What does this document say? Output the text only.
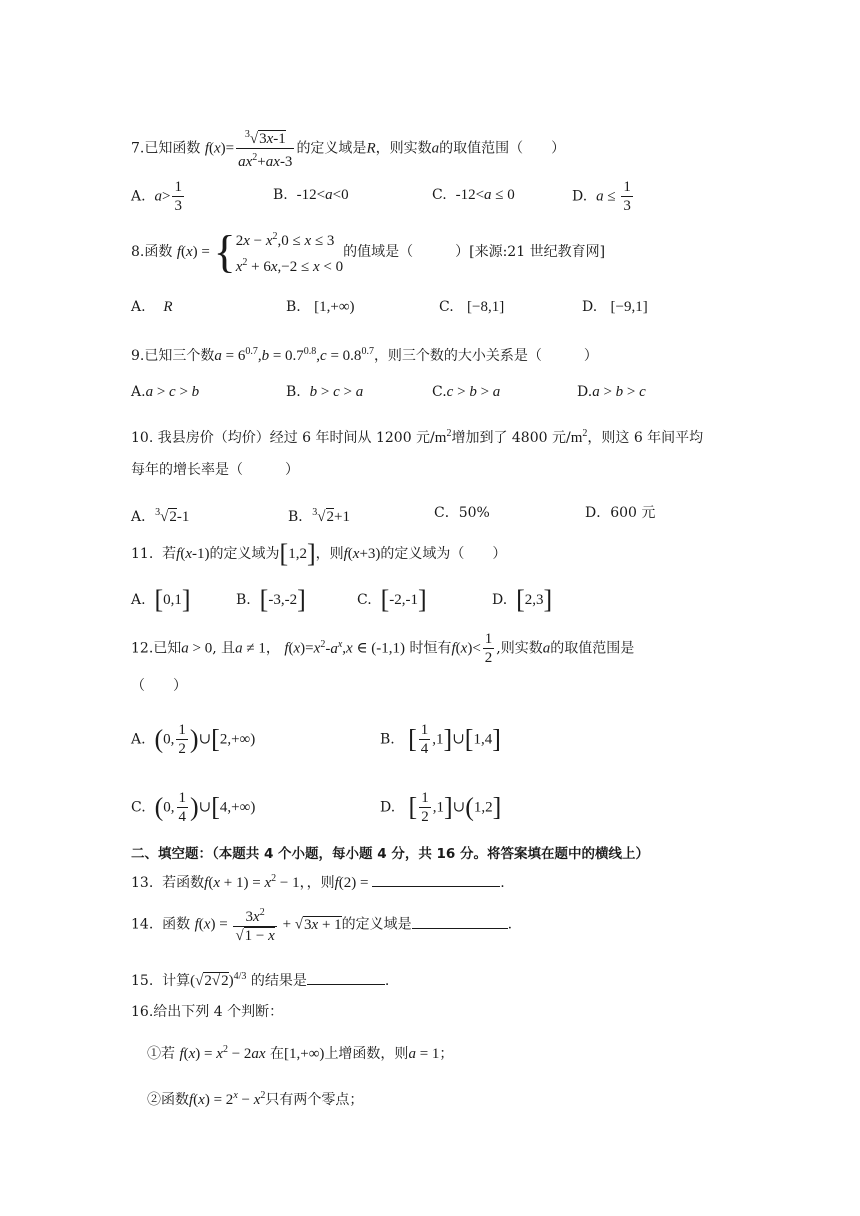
7.已知函数 $f(x)= \frac{^3√3x-1}{ax^2+ax-3}$ 的定义域是R，则实数a的取值范围（　　）
A. $a> \frac{1}{3}$	B. -12<a<0	C. -12<a ≤ 0	D. $a \le \frac{1}{3}$
8.函数 f(x) = { $2x - x^2,0 \le x \le 3$
$x^2 + 6x,-2 \le x < 0$
的值域是（　　　）[来源:21 世纪教育网]
A. R	B. [1,+∞)	C. [−8,1]	D. [−9,1]
9.已知三个数$a = 6^{0.7},b = 0.7^{0.8},c = 0.8^{0.7}$，则三个数的大小关系是（　　　）
A.a > c > b	B. b > c > a	C.c > b > a	D.a > b > c
10. 我县房价（均价）经过 6 年时间从 1200 元$/m^2$增加到了 4800 元$/m^2$，则这 6 年间平均
每年的增长率是（　　　）
A．$^3$√2-1	B．$^3$√2+1	C．50%	D．600 元
11. 若f(x-1)的定义域为[1,2]，则f(x+3)的定义域为（　　）
A. [0,1]	B. [-3,-2]	C. [-2,-1]	D. [2,3]
12.已知a > 0, 且a ≠ 1， $f(x)=x^2-a^x,x$ ∈ (-1,1) 时恒有$f(x)< \frac{1}{2}$ ,则实数a的取值范围是
（　　）
A. (0, $\frac{1}{2}$ )∪[2,+∞)	B. [ $\frac{1}{4}$ ,1]∪[1,4]
C. (0, $\frac{1}{4}$ )∪[4,+∞)	D. [ $\frac{1}{2}$ ,1]∪(1,2]
二、填空题：（本题共 4 个小题，每小题 4 分，共 16 分。将答案填在题中的横线上）
13. 若函数$f(x + 1) = x^2 - 1$，，则f(2) =	.
14. 函数 $f(x) = \frac{3x^2}{√1 - x} + √3x + 1$的定义域是	.
15. 计算$(√2√2)^{4/3}$ 的结果是	.
16.给出下列 4 个判断：
①若 $f(x) = x^2 - 2ax$ 在[1,+∞)上增函数，则a = 1；
②函数$f(x) = 2^x - x^2$只有两个零点；
